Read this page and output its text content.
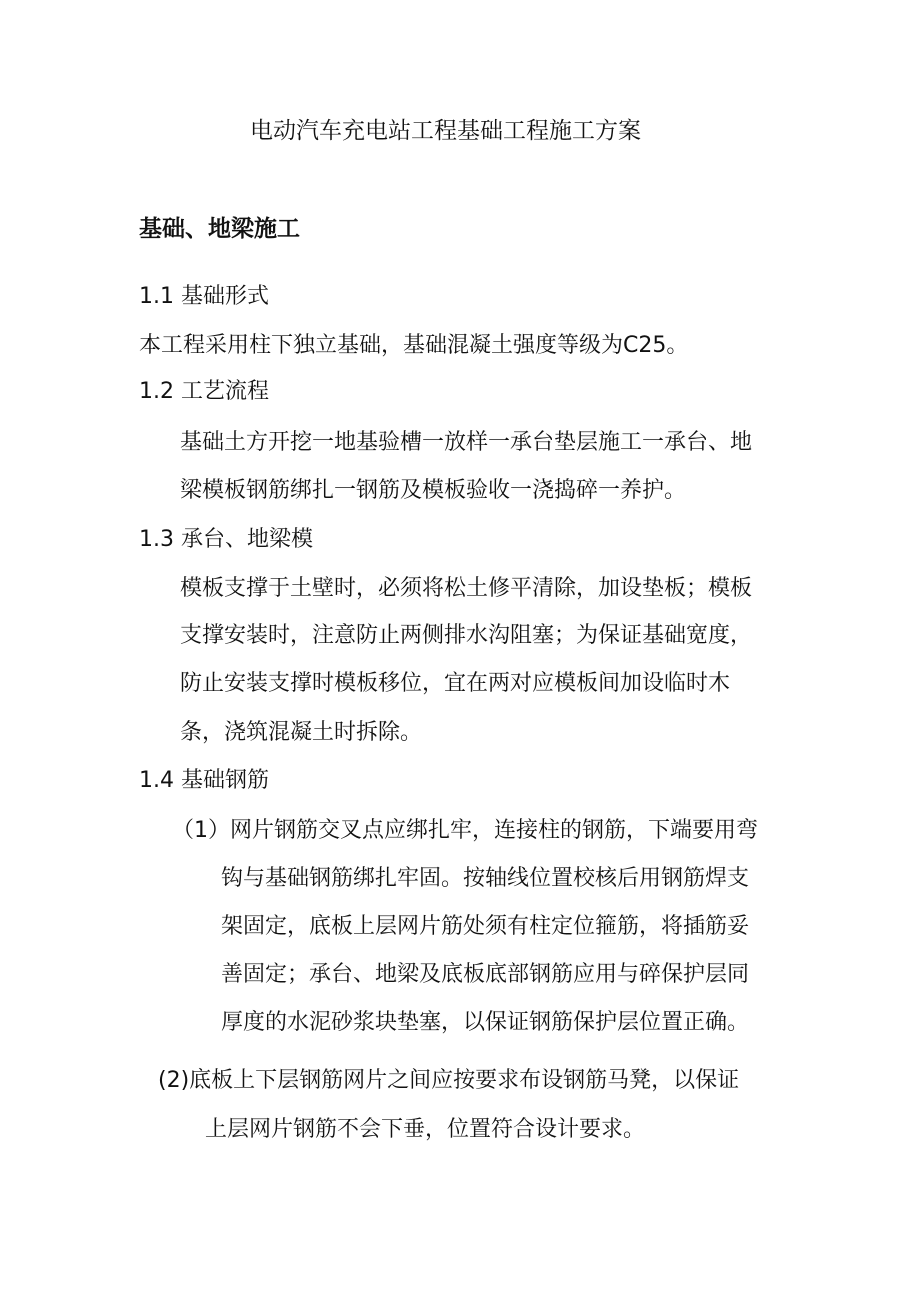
电动汽车充电站工程基础工程施工方案
基础、地梁施工
1.1 基础形式
本工程采用柱下独立基础，基础混凝土强度等级为C25。
1.2 工艺流程
基础土方开挖一地基验槽一放样一承台垫层施工一承台、地
梁模板钢筋绑扎一钢筋及模板验收一浇捣碎一养护。
1.3 承台、地梁模
模板支撑于土壁时，必须将松土修平清除，加设垫板；模板
支撑安装时，注意防止两侧排水沟阻塞；为保证基础宽度，
防止安装支撑时模板移位，宜在两对应模板间加设临时木
条，浇筑混凝土时拆除。
1.4 基础钢筋
（1）网片钢筋交叉点应绑扎牢，连接柱的钢筋，下端要用弯
钩与基础钢筋绑扎牢固。按轴线位置校核后用钢筋焊支
架固定，底板上层网片筋处须有柱定位箍筋，将插筋妥
善固定；承台、地梁及底板底部钢筋应用与碎保护层同
厚度的水泥砂浆块垫塞，以保证钢筋保护层位置正确。
(2)底板上下层钢筋网片之间应按要求布设钢筋马凳，以保证
上层网片钢筋不会下垂，位置符合设计要求。
